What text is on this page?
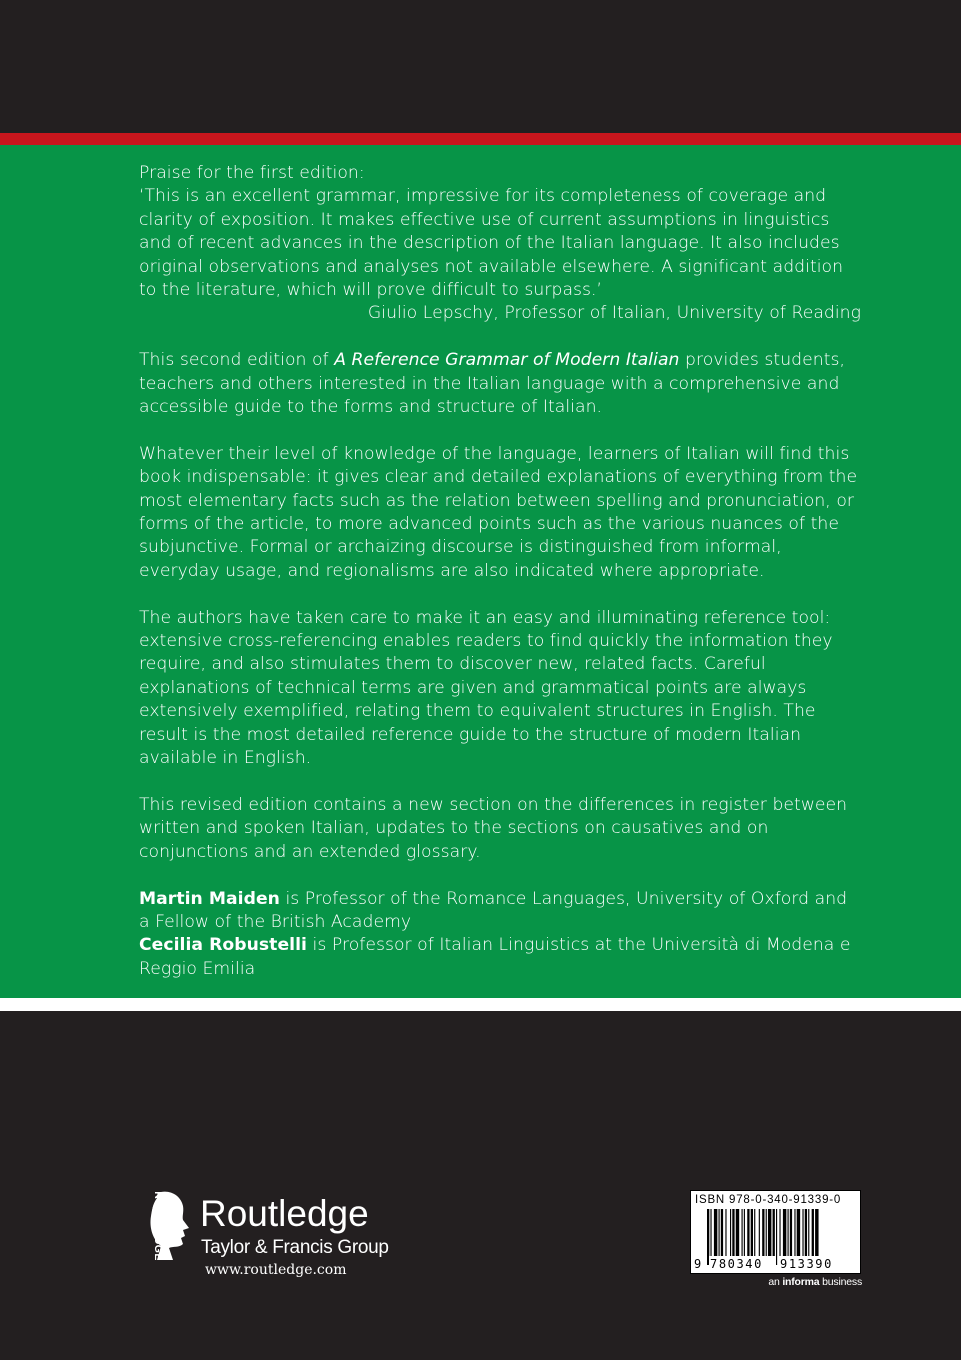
Praise for the first edition:
‘This is an excellent grammar, impressive for its completeness of coverage and clarity of exposition. It makes effective use of current assumptions in linguistics and of recent advances in the description of the Italian language. It also includes original observations and analyses not available elsewhere. A significant addition to the literature, which will prove difficult to surpass.’
Giulio Lepschy, Professor of Italian, University of Reading

This second edition of A Reference Grammar of Modern Italian provides students, teachers and others interested in the Italian language with a comprehensive and accessible guide to the forms and structure of Italian.

Whatever their level of knowledge of the language, learners of Italian will find this book indispensable: it gives clear and detailed explanations of everything from the most elementary facts such as the relation between spelling and pronunciation, or forms of the article, to more advanced points such as the various nuances of the subjunctive. Formal or archaizing discourse is distinguished from informal, everyday usage, and regionalisms are also indicated where appropriate.

The authors have taken care to make it an easy and illuminating reference tool: extensive cross-referencing enables readers to find quickly the information they require, and also stimulates them to discover new, related facts. Careful explanations of technical terms are given and grammatical points are always extensively exemplified, relating them to equivalent structures in English. The result is the most detailed reference guide to the structure of modern Italian available in English.

This revised edition contains a new section on the differences in register between written and spoken Italian, updates to the sections on causatives and on conjunctions and an extended glossary.

Martin Maiden is Professor of the Romance Languages, University of Oxford and a Fellow of the British Academy

Cecilia Robustelli is Professor of Italian Linguistics at the Università di Modena e Reggio Emilia

ROUTLEDGE Routledge
Taylor & Francis Group
www.routledge.com
ISBN 978-0-340-91339-0
9 780340 913390
an informa business
